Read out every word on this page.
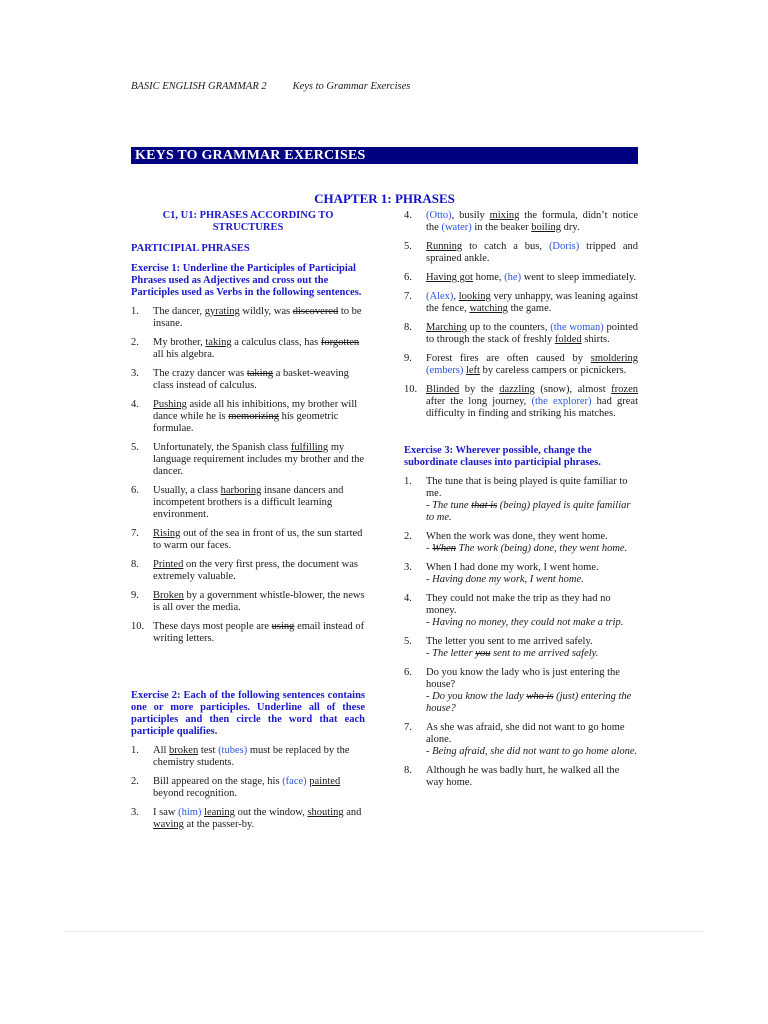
BASIC ENGLISH GRAMMAR 2 Keys to Grammar Exercises
KEYS TO GRAMMAR EXERCISES
CHAPTER 1: PHRASES
C1, U1: PHRASES ACCORDING TO STRUCTURES
PARTICIPIAL PHRASES
Exercise 1: Underline the Participles of Participial Phrases used as Adjectives and cross out the Participles used as Verbs in the following sentences.
1.	The dancer, gyrating wildly, was discovered to be insane.
2.	My brother, taking a calculus class, has forgotten all his algebra.
3.	The crazy dancer was taking a basket-weaving class instead of calculus.
4.	Pushing aside all his inhibitions, my brother will dance while he is memorizing his geometric formulae.
5.	Unfortunately, the Spanish class fulfilling my language requirement includes my brother and the dancer.
6.	Usually, a class harboring insane dancers and incompetent brothers is a difficult learning environment.
7.	Rising out of the sea in front of us, the sun started to warm our faces.
8.	Printed on the very first press, the document was extremely valuable.
9.	Broken by a government whistle-blower, the news is all over the media.
10. These days most people are using email instead of writing letters.
Exercise 2: Each of the following sentences contains one or more participles. Underline all of these participles and then circle the word that each participle qualifies.
1.	All broken test (tubes) must be replaced by the chemistry students.
2.	Bill appeared on the stage, his (face) painted beyond recognition.
3.	I saw (him) leaning out the window, shouting and waving at the passer-by.
4.	(Otto), busily mixing the formula, didn’t notice the (water) in the beaker boiling dry.
5.	Running to catch a bus, (Doris) tripped and sprained ankle.
6.	Having got home, (he) went to sleep immediately.
7.	(Alex), looking very unhappy, was leaning against the fence, watching the game.
8.	Marching up to the counters, (the woman) pointed to through the stack of freshly folded shirts.
9.	Forest fires are often caused by smoldering (embers) left by careless campers or picnickers.
10. Blinded by the dazzling (snow), almost frozen after the long journey, (the explorer) had great difficulty in finding and striking his matches.
Exercise 3: Wherever possible, change the subordinate clauses into participial phrases.
1.	The tune that is being played is quite familiar to me.
- The tune that is (being) played is quite familiar to me.
2.	When the work was done, they went home.
- When The work (being) done, they went home.
3.	When I had done my work, I went home.
- Having done my work, I went home.
4.	They could not make the trip as they had no money.
- Having no money, they could not make a trip.
5.	The letter you sent to me arrived safely.
- The letter you sent to me arrived safely.
6.	Do you know the lady who is just entering the house?
- Do you know the lady who is (just) entering the house?
7.	As she was afraid, she did not want to go home alone.
- Being afraid, she did not want to go home alone.
8.	Although he was badly hurt, he walked all the way home.
